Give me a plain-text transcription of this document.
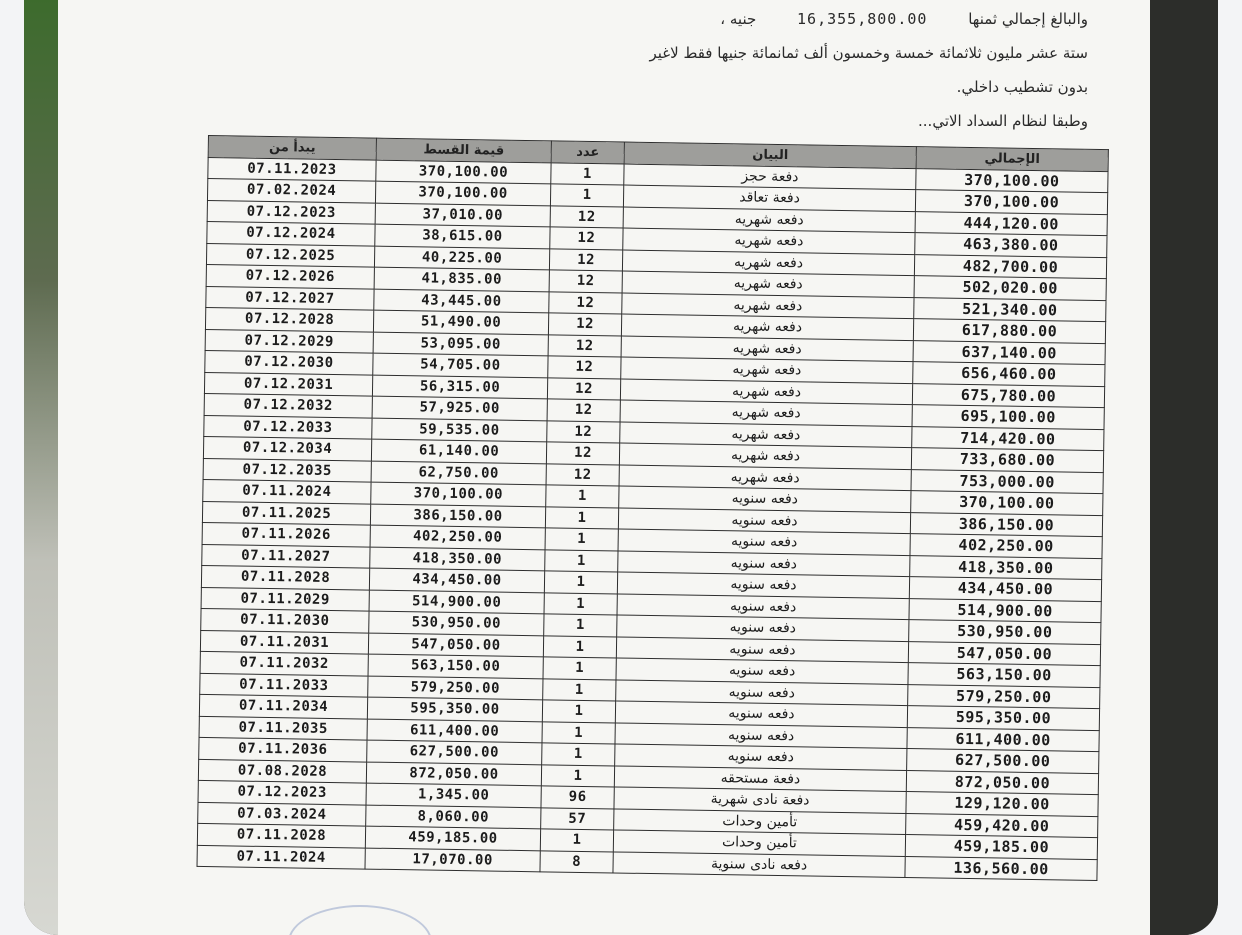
والبالغ إجمالي ثمنها 16,355,800.00 جنيه ،
ستة عشر مليون ثلاثمائة خمسة وخمسون ألف ثمانمائة جنيها فقط لاغير
بدون تشطيب داخلي.
وطبقا لنظام السداد الاتي...
يبدأ من	قيمة القسط	عدد	البيان	الإجمالي
07.11.2023	370,100.00	1	دفعة حجز	370,100.00
07.02.2024	370,100.00	1	دفعة تعاقد	370,100.00
07.12.2023	37,010.00	12	دفعه شهريه	444,120.00
07.12.2024	38,615.00	12	دفعه شهريه	463,380.00
07.12.2025	40,225.00	12	دفعه شهريه	482,700.00
07.12.2026	41,835.00	12	دفعه شهريه	502,020.00
07.12.2027	43,445.00	12	دفعه شهريه	521,340.00
07.12.2028	51,490.00	12	دفعه شهريه	617,880.00
07.12.2029	53,095.00	12	دفعه شهريه	637,140.00
07.12.2030	54,705.00	12	دفعه شهريه	656,460.00
07.12.2031	56,315.00	12	دفعه شهريه	675,780.00
07.12.2032	57,925.00	12	دفعه شهريه	695,100.00
07.12.2033	59,535.00	12	دفعه شهريه	714,420.00
07.12.2034	61,140.00	12	دفعه شهريه	733,680.00
07.12.2035	62,750.00	12	دفعه شهريه	753,000.00
07.11.2024	370,100.00	1	دفعه سنويه	370,100.00
07.11.2025	386,150.00	1	دفعه سنويه	386,150.00
07.11.2026	402,250.00	1	دفعه سنويه	402,250.00
07.11.2027	418,350.00	1	دفعه سنويه	418,350.00
07.11.2028	434,450.00	1	دفعه سنويه	434,450.00
07.11.2029	514,900.00	1	دفعه سنويه	514,900.00
07.11.2030	530,950.00	1	دفعه سنويه	530,950.00
07.11.2031	547,050.00	1	دفعه سنويه	547,050.00
07.11.2032	563,150.00	1	دفعه سنويه	563,150.00
07.11.2033	579,250.00	1	دفعه سنويه	579,250.00
07.11.2034	595,350.00	1	دفعه سنويه	595,350.00
07.11.2035	611,400.00	1	دفعه سنويه	611,400.00
07.11.2036	627,500.00	1	دفعه سنويه	627,500.00
07.08.2028	872,050.00	1	دفعة مستحقه	872,050.00
07.12.2023	1,345.00	96	دفعة نادى شهرية	129,120.00
07.03.2024	8,060.00	57	تأمين وحدات	459,420.00
07.11.2028	459,185.00	1	تأمين وحدات	459,185.00
07.11.2024	17,070.00	8	دفعه نادى سنوية	136,560.00
